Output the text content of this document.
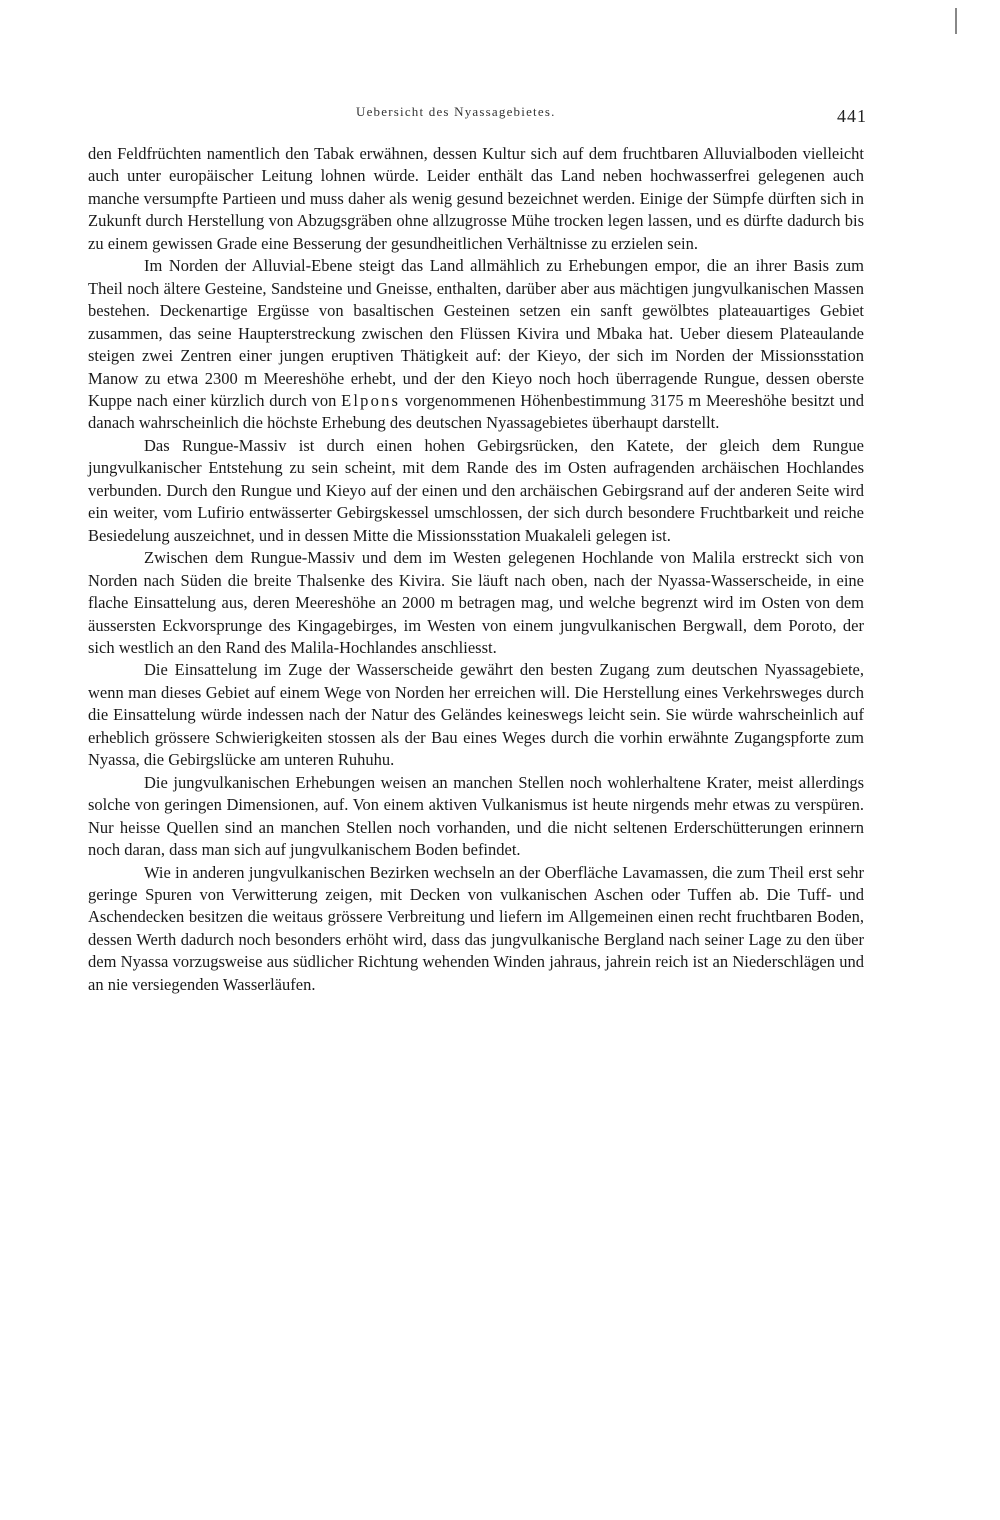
Uebersicht des Nyassagebietes.	441

den Feldfrüchten namentlich den Tabak erwähnen, dessen Kultur sich auf dem fruchtbaren Alluvialboden vielleicht auch unter europäischer Leitung lohnen würde. Leider enthält das Land neben hochwasserfrei gelegenen auch manche versumpfte Partieen und muss daher als wenig gesund bezeichnet werden. Einige der Sümpfe dürften sich in Zukunft durch Herstellung von Abzugsgräben ohne allzugrosse Mühe trocken legen lassen, und es dürfte dadurch bis zu einem gewissen Grade eine Besserung der gesundheitlichen Verhältnisse zu erzielen sein.

Im Norden der Alluvial-Ebene steigt das Land allmählich zu Erhebungen empor, die an ihrer Basis zum Theil noch ältere Gesteine, Sandsteine und Gneisse, enthalten, darüber aber aus mächtigen jungvulkanischen Massen bestehen. Deckenartige Ergüsse von basaltischen Gesteinen setzen ein sanft gewölbtes plateauartiges Gebiet zusammen, das seine Haupterstreckung zwischen den Flüssen Kivira und Mbaka hat. Ueber diesem Plateaulande steigen zwei Zentren einer jungen eruptiven Thätigkeit auf: der Kieyo, der sich im Norden der Missionsstation Manow zu etwa 2300 m Meereshöhe erhebt, und der den Kieyo noch hoch überragende Rungue, dessen oberste Kuppe nach einer kürzlich durch von Elpons vorgenommenen Höhenbestimmung 3175 m Meereshöhe besitzt und danach wahrscheinlich die höchste Erhebung des deutschen Nyassagebietes überhaupt darstellt.

Das Rungue-Massiv ist durch einen hohen Gebirgsrücken, den Katete, der gleich dem Rungue jungvulkanischer Entstehung zu sein scheint, mit dem Rande des im Osten aufragenden archäischen Hochlandes verbunden. Durch den Rungue und Kieyo auf der einen und den archäischen Gebirgsrand auf der anderen Seite wird ein weiter, vom Lufirio entwässerter Gebirgskessel umschlossen, der sich durch besondere Fruchtbarkeit und reiche Besiedelung auszeichnet, und in dessen Mitte die Missionsstation Muakaleli gelegen ist.

Zwischen dem Rungue-Massiv und dem im Westen gelegenen Hochlande von Malila erstreckt sich von Norden nach Süden die breite Thalsenke des Kivira. Sie läuft nach oben, nach der Nyassa-Wasserscheide, in eine flache Einsattelung aus, deren Meereshöhe an 2000 m betragen mag, und welche begrenzt wird im Osten von dem äussersten Eckvorsprunge des Kingagebirges, im Westen von einem jungvulkanischen Bergwall, dem Poroto, der sich westlich an den Rand des Malila-Hochlandes anschliesst.

Die Einsattelung im Zuge der Wasserscheide gewährt den besten Zugang zum deutschen Nyassagebiete, wenn man dieses Gebiet auf einem Wege von Norden her erreichen will. Die Herstellung eines Verkehrsweges durch die Einsattelung würde indessen nach der Natur des Geländes keineswegs leicht sein. Sie würde wahrscheinlich auf erheblich grössere Schwierigkeiten stossen als der Bau eines Weges durch die vorhin erwähnte Zugangspforte zum Nyassa, die Gebirgslücke am unteren Ruhuhu.

Die jungvulkanischen Erhebungen weisen an manchen Stellen noch wohlerhaltene Krater, meist allerdings solche von geringen Dimensionen, auf. Von einem aktiven Vulkanismus ist heute nirgends mehr etwas zu verspüren. Nur heisse Quellen sind an manchen Stellen noch vorhanden, und die nicht seltenen Erderschütterungen erinnern noch daran, dass man sich auf jungvulkanischem Boden befindet.

Wie in anderen jungvulkanischen Bezirken wechseln an der Oberfläche Lavamassen, die zum Theil erst sehr geringe Spuren von Verwitterung zeigen, mit Decken von vulkanischen Aschen oder Tuffen ab. Die Tuff- und Aschendecken besitzen die weitaus grössere Verbreitung und liefern im Allgemeinen einen recht fruchtbaren Boden, dessen Werth dadurch noch besonders erhöht wird, dass das jungvulkanische Bergland nach seiner Lage zu den über dem Nyassa vorzugsweise aus südlicher Richtung wehenden Winden jahraus, jahrein reich ist an Niederschlägen und an nie versiegenden Wasserläufen.
